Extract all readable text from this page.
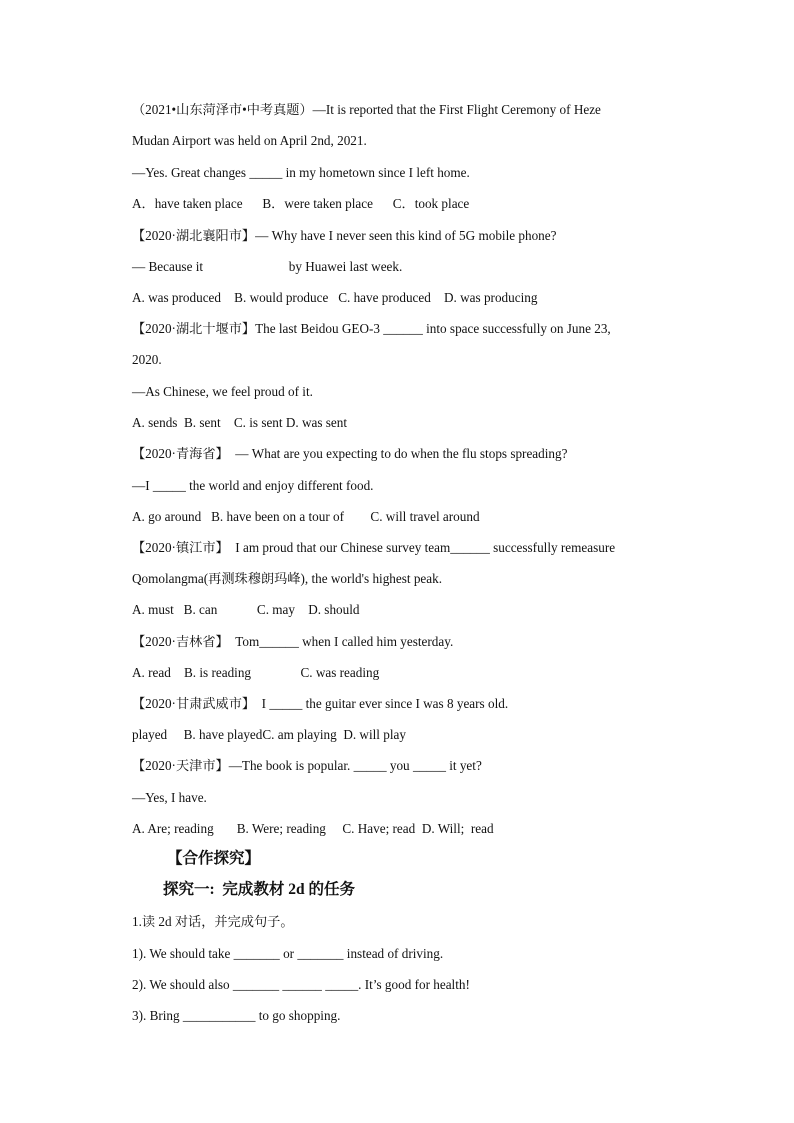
（2021•山东菏泽市•中考真题）—It is reported that the First Flight Ceremony of Heze
Mudan Airport was held on April 2nd, 2021.
—Yes. Great changes _____ in my hometown since I left home.
A．have taken place      B．were taken place      C．took place
【2020·湖北襄阳市】— Why have I never seen this kind of 5G mobile phone?
— Because it                          by Huawei last week.
A. was produced    B. would produce   C. have produced    D. was producing
【2020·湖北十堰市】The last Beidou GEO-3 ______ into space successfully on June 23,
2020.
—As Chinese, we feel proud of it.
A. sends  B. sent    C. is sent D. was sent
【2020·青海省】  — What are you expecting to do when the flu stops spreading?
—I _____ the world and enjoy different food.
A. go around   B. have been on a tour of        C. will travel around
【2020·镇江市】  I am proud that our Chinese survey team______ successfully remeasure
Qomolangma(再测珠穆朗玛峰), the world's highest peak.
A. must   B. can            C. may    D. should
【2020·吉林省】  Tom______ when I called him yesterday.
A. read    B. is reading               C. was reading
【2020·甘肃武威市】  I _____ the guitar ever since I was 8 years old.
played     B. have playedC. am playing  D. will play
【2020·天津市】—The book is popular. _____ you _____ it yet?
—Yes, I have.
A. Are; reading       B. Were; reading     C. Have; read  D. Will;  read
【合作探究】
探究一:  完成教材 2d 的任务
1.读 2d 对话，并完成句子。
1). We should take _______ or _______ instead of driving.
2). We should also _______ ______ _____. It’s good for health!
3). Bring ___________ to go shopping.
